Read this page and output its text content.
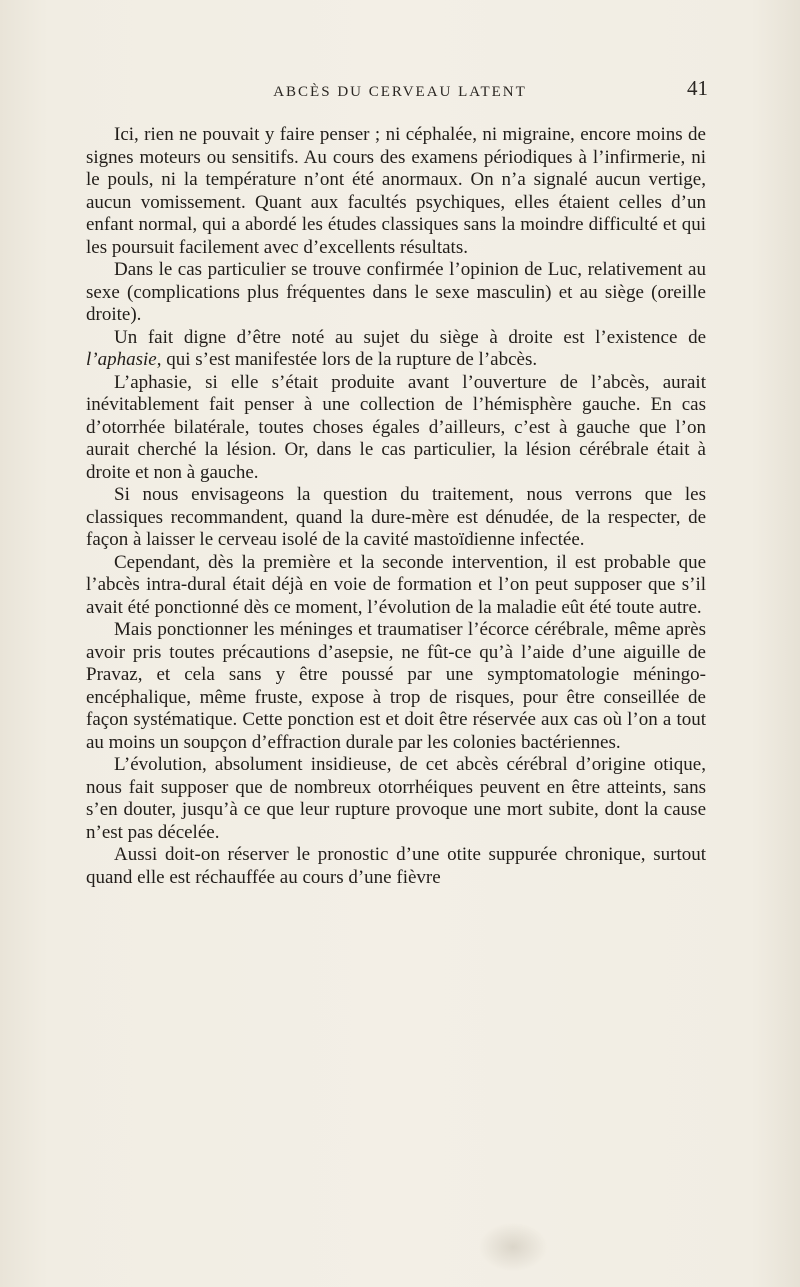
ABCÈS DU CERVEAU LATENT	41

Ici, rien ne pouvait y faire penser ; ni céphalée, ni migraine, encore moins de signes moteurs ou sensitifs. Au cours des examens périodiques à l’infirmerie, ni le pouls, ni la température n’ont été anormaux. On n’a signalé aucun vertige, aucun vomissement. Quant aux facultés psychiques, elles étaient celles d’un enfant normal, qui a abordé les études classiques sans la moindre difficulté et qui les poursuit facilement avec d’excellents résultats.

Dans le cas particulier se trouve confirmée l’opinion de Luc, relativement au sexe (complications plus fréquentes dans le sexe masculin) et au siège (oreille droite).

Un fait digne d’être noté au sujet du siège à droite est l’existence de l’aphasie, qui s’est manifestée lors de la rupture de l’abcès.

L’aphasie, si elle s’était produite avant l’ouverture de l’abcès, aurait inévitablement fait penser à une collection de l’hémisphère gauche. En cas d’otorrhée bilatérale, toutes choses égales d’ailleurs, c’est à gauche que l’on aurait cherché la lésion. Or, dans le cas particulier, la lésion cérébrale était à droite et non à gauche.

Si nous envisageons la question du traitement, nous verrons que les classiques recommandent, quand la dure-mère est dénudée, de la respecter, de façon à laisser le cerveau isolé de la cavité mastoïdienne infectée.

Cependant, dès la première et la seconde intervention, il est probable que l’abcès intra-dural était déjà en voie de formation et l’on peut supposer que s’il avait été ponctionné dès ce moment, l’évolution de la maladie eût été toute autre.

Mais ponctionner les méninges et traumatiser l’écorce cérébrale, même après avoir pris toutes précautions d’asepsie, ne fût-ce qu’à l’aide d’une aiguille de Pravaz, et cela sans y être poussé par une symptomatologie méningo-encéphalique, même fruste, expose à trop de risques, pour être conseillée de façon systématique. Cette ponction est et doit être réservée aux cas où l’on a tout au moins un soupçon d’effraction durale par les colonies bactériennes.

L’évolution, absolument insidieuse, de cet abcès cérébral d’origine otique, nous fait supposer que de nombreux otorrhéiques peuvent en être atteints, sans s’en douter, jusqu’à ce que leur rupture provoque une mort subite, dont la cause n’est pas décelée.

Aussi doit-on réserver le pronostic d’une otite suppurée chronique, surtout quand elle est réchauffée au cours d’une fièvre
